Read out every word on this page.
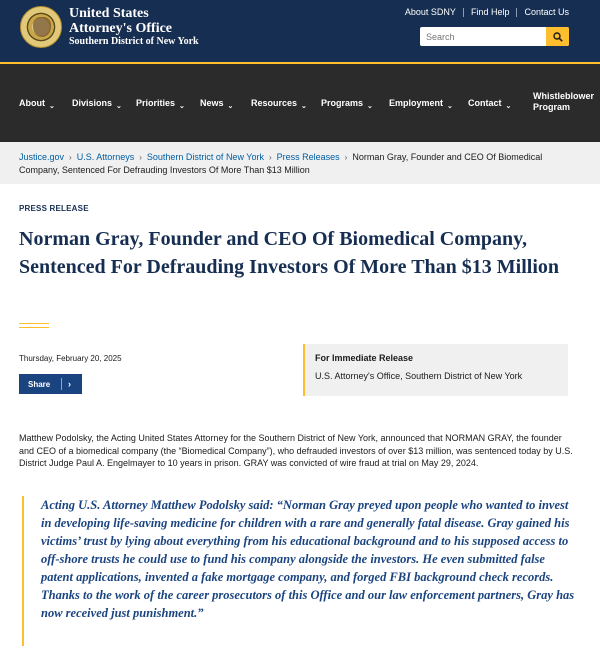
United States
Attorney's Office
Southern District of New York
About SDNY Find Help Contact Us
Search
About ⌄ Divisions ⌄ Priorities ⌄ News ⌄ Resources ⌄ Programs ⌄ Employment ⌄ Contact ⌄
Whistleblower
Program
Justice.gov › U.S. Attorneys › Southern District of New York › Press Releases › Norman Gray, Founder and CEO Of Biomedical Company, Sentenced For Defrauding Investors Of More Than $13 Million
PRESS RELEASE
Norman Gray, Founder and CEO Of Biomedical Company, Sentenced For Defrauding Investors Of More Than $13 Million
Thursday, February 20, 2025
Share	›
For Immediate Release
U.S. Attorney's Office, Southern District of New York

Matthew Podolsky, the Acting United States Attorney for the Southern District of New York, announced that NORMAN GRAY, the founder and CEO of a biomedical company (the “Biomedical Company”), who defrauded investors of over $13 million, was sentenced today by U.S. District Judge Paul A. Engelmayer to 10 years in prison. GRAY was convicted of wire fraud at trial on May 29, 2024.

Acting U.S. Attorney Matthew Podolsky said: “Norman Gray preyed upon people who wanted to invest in developing life-saving medicine for children with a rare and generally fatal disease. Gray gained his victims’ trust by lying about everything from his educational background and to his supposed access to off-shore trusts he could use to fund his company alongside the investors. He even submitted false patent applications, invented a fake mortgage company, and forged FBI background check records. Thanks to the work of the career prosecutors of this Office and our law enforcement partners, Gray has now received just punishment.”
